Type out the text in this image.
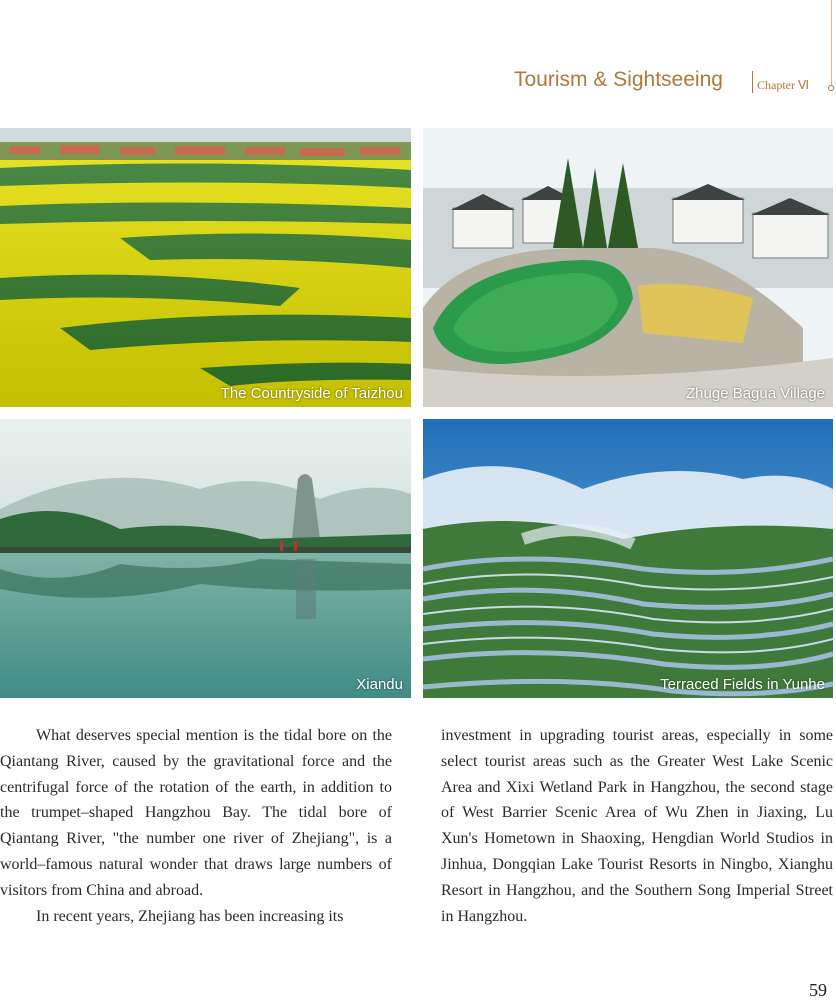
Tourism & Sightseeing	Chapter Ⅵ
The Countryside of Taizhou	Zhuge Bagua Village
Xiandu	Terraced Fields in Yunhe

What deserves special mention is the tidal bore on the Qiantang River, caused by the gravitational force and the centrifugal force of the rotation of the earth, in addition to the trumpet–shaped Hangzhou Bay. The tidal bore of Qiantang River, "the number one river of Zhejiang", is a world–famous natural wonder that draws large numbers of visitors from China and abroad.

In recent years, Zhejiang has been increasing its

investment in upgrading tourist areas, especially in some select tourist areas such as the Greater West Lake Scenic Area and Xixi Wetland Park in Hangzhou, the second stage of West Barrier Scenic Area of Wu Zhen in Jiaxing, Lu Xun's Hometown in Shaoxing, Hengdian World Studios in Jinhua, Dongqian Lake Tourist Resorts in Ningbo, Xianghu Resort in Hangzhou, and the Southern Song Imperial Street in Hangzhou.

59
